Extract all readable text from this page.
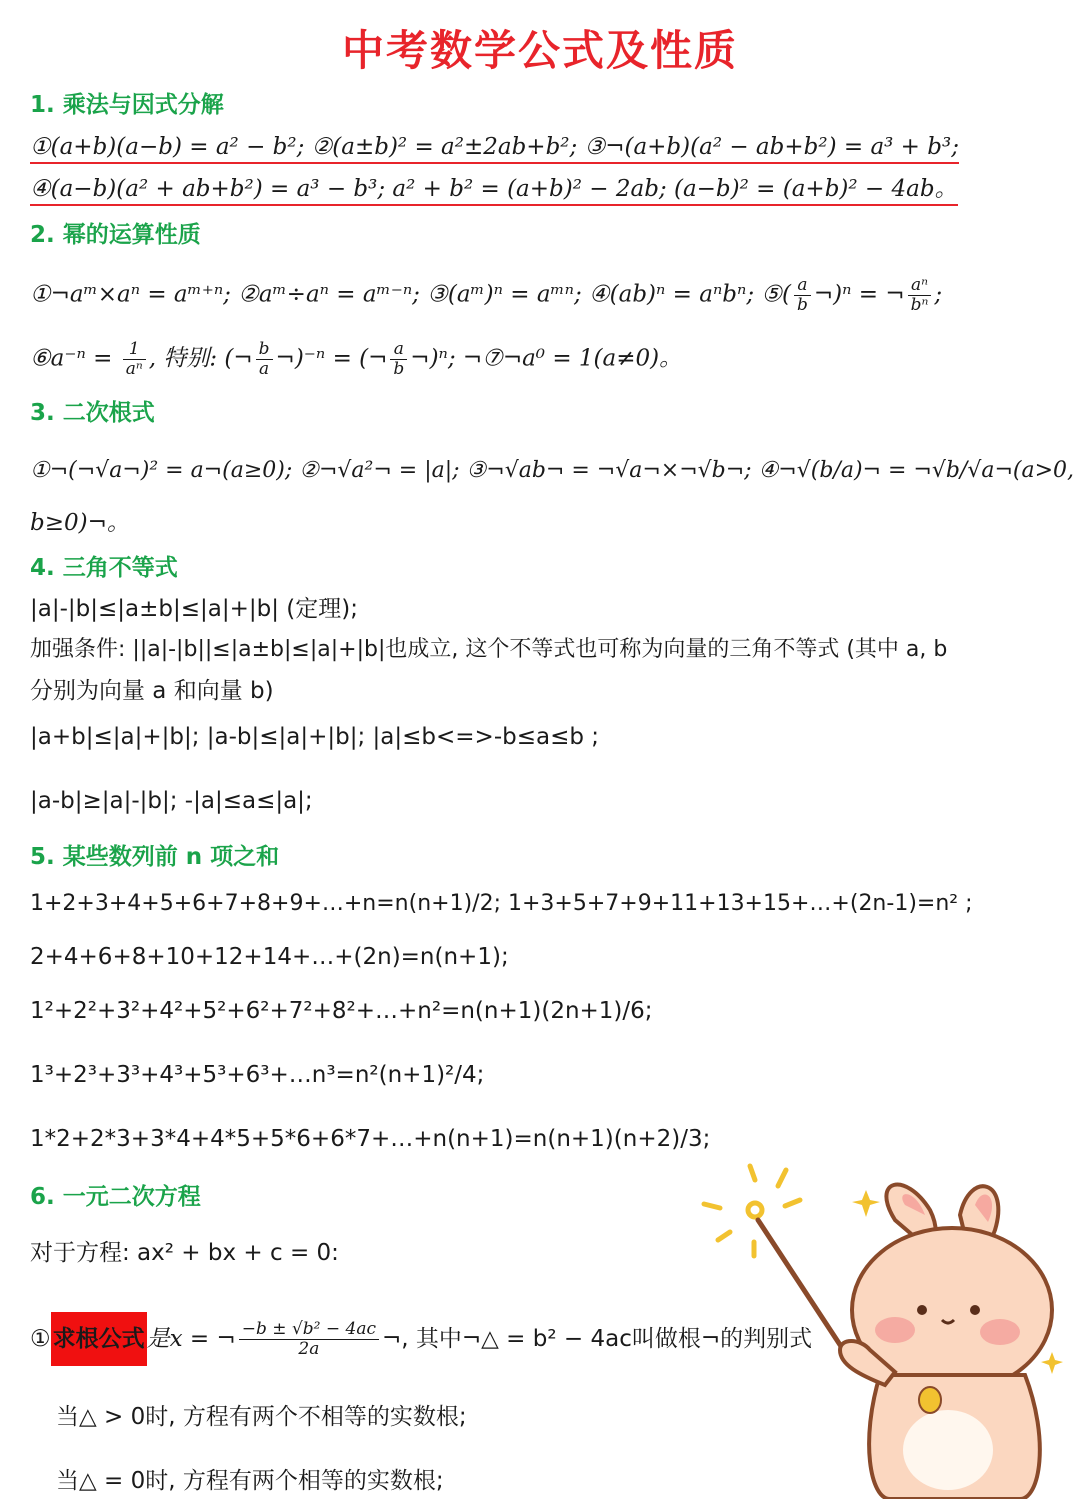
中考数学公式及性质
1. 乘法与因式分解
①(a+b)(a−b) = a² − b²; ②(a±b)² = a²±2ab+b²; ③¬(a+b)(a² − ab+b²) = a³ + b³;
④(a−b)(a² + ab+b²) = a³ − b³; a² + b² = (a+b)² − 2ab; (a−b)² = (a+b)² − 4ab。
2. 幂的运算性质
①¬aᵐ×aⁿ = aᵐ⁺ⁿ; ②aᵐ÷aⁿ = aᵐ⁻ⁿ; ③(aᵐ)ⁿ = aᵐⁿ; ④(ab)ⁿ = aⁿbⁿ; ⑤( $\frac{a}{b}$ ¬)ⁿ = ¬ $\frac{\text{aⁿ}}{\text{bⁿ}}$ ;
⑥a⁻ⁿ = $\frac{1}{\text{aⁿ}}$ , 特别: (¬ $\frac{b}{a}$ ¬)⁻ⁿ = (¬ $\frac{a}{b}$ ¬)ⁿ; ¬⑦¬a⁰ = 1(a≠0)。
3. 二次根式
①¬(¬√a¬)² = a¬(a≥0); ②¬√a²¬ = |a|; ③¬√ab¬ = ¬√a¬×¬√b¬; ④¬√(b/a)¬ = ¬√b/√a¬(a>0,
b≥0)¬。
4. 三角不等式
|a|-|b|≤|a±b|≤|a|+|b| (定理);
加强条件: ||a|-|b||≤|a±b|≤|a|+|b|也成立, 这个不等式也可称为向量的三角不等式 (其中 a, b
分别为向量 a 和向量 b)
|a+b|≤|a|+|b|; |a-b|≤|a|+|b|; |a|≤b<=>-b≤a≤b ;
|a-b|≥|a|-|b|; -|a|≤a≤|a|;
5. 某些数列前 n 项之和
1+2+3+4+5+6+7+8+9+…+n=n(n+1)/2; 1+3+5+7+9+11+13+15+…+(2n-1)=n² ;
2+4+6+8+10+12+14+…+(2n)=n(n+1);
1²+2²+3²+4²+5²+6²+7²+8²+…+n²=n(n+1)(2n+1)/6;
1³+2³+3³+4³+5³+6³+…n³=n²(n+1)²/4;
1*2+2*3+3*4+4*5+5*6+6*7+…+n(n+1)=n(n+1)(n+2)/3;
6. 一元二次方程
对于方程: ax² + bx + c = 0:
①求根公式是x = ¬ $\frac{\text{−b ± √b² − 4ac}}{2a}$ ¬, 其中¬△ = b² − 4ac叫做根¬的判别式
当△ > 0时, 方程有两个不相等的实数根;
当△ = 0时, 方程有两个相等的实数根;
